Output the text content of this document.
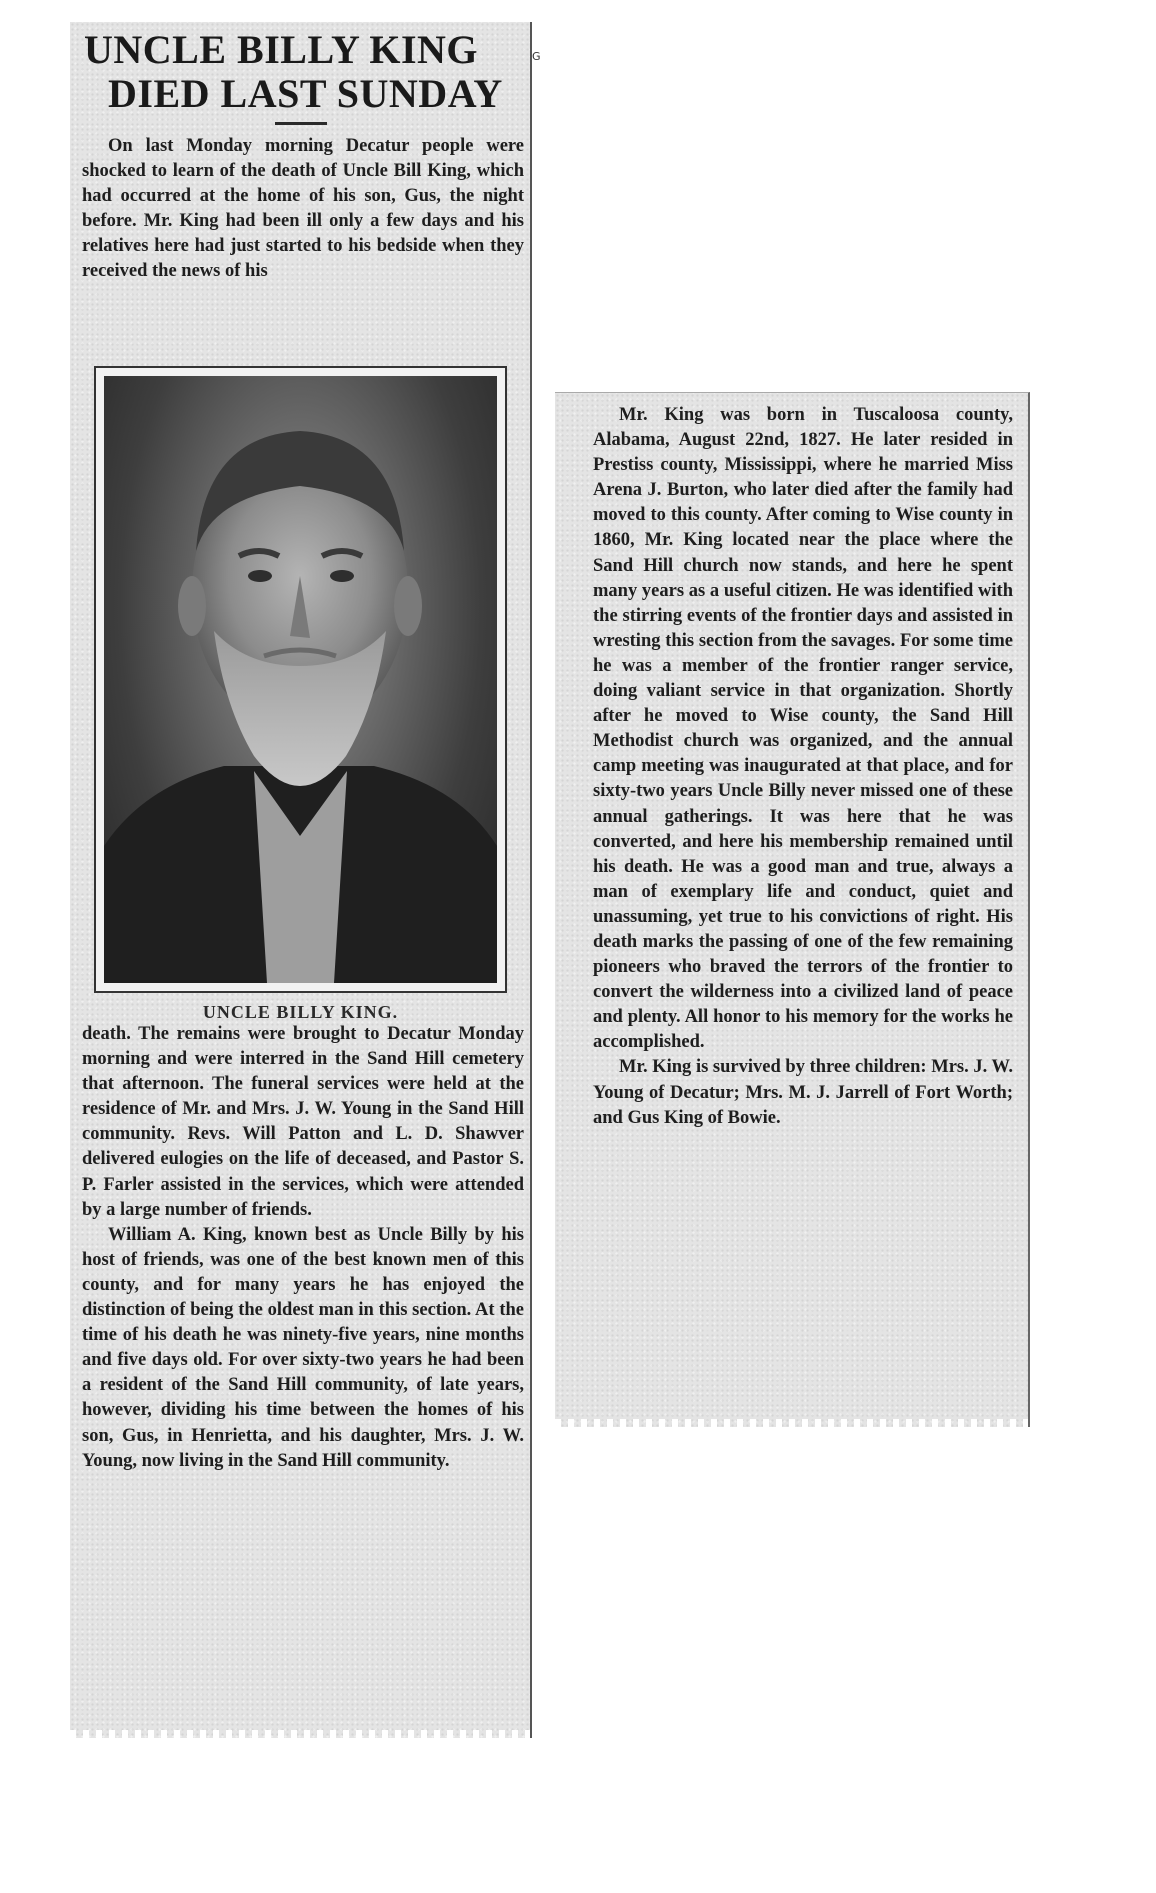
UNCLE BILLY KING
DIED LAST SUNDAY
G

On last Monday morning Decatur people were shocked to learn of the death of Uncle Bill King, which had occurred at the home of his son, Gus, the night before. Mr. King had been ill only a few days and his relatives here had just started to his bedside when they received the news of his

UNCLE BILLY KING.

death. The remains were brought to Decatur Monday morning and were interred in the Sand Hill cemetery that afternoon. The funeral services were held at the residence of Mr. and Mrs. J. W. Young in the Sand Hill community. Revs. Will Patton and L. D. Shawver delivered eulogies on the life of deceased, and Pastor S. P. Farler assisted in the services, which were attended by a large number of friends.

William A. King, known best as Uncle Billy by his host of friends, was one of the best known men of this county, and for many years he has enjoyed the distinction of being the oldest man in this section. At the time of his death he was ninety-five years, nine months and five days old. For over sixty-two years he had been a resident of the Sand Hill community, of late years, however, dividing his time between the homes of his son, Gus, in Henrietta, and his daughter, Mrs. J. W. Young, now living in the Sand Hill community.

Mr. King was born in Tuscaloosa county, Alabama, August 22nd, 1827. He later resided in Prestiss county, Mississippi, where he married Miss Arena J. Burton, who later died after the family had moved to this county. After coming to Wise county in 1860, Mr. King located near the place where the Sand Hill church now stands, and here he spent many years as a useful citizen. He was identified with the stirring events of the frontier days and assisted in wresting this section from the savages. For some time he was a member of the frontier ranger service, doing valiant service in that organization. Shortly after he moved to Wise county, the Sand Hill Methodist church was organized, and the annual camp meeting was inaugurated at that place, and for sixty-two years Uncle Billy never missed one of these annual gatherings. It was here that he was converted, and here his membership remained until his death. He was a good man and true, always a man of exemplary life and conduct, quiet and unassuming, yet true to his convictions of right. His death marks the passing of one of the few remaining pioneers who braved the terrors of the frontier to convert the wilderness into a civilized land of peace and plenty. All honor to his memory for the works he accomplished.

Mr. King is survived by three children: Mrs. J. W. Young of Decatur; Mrs. M. J. Jarrell of Fort Worth; and Gus King of Bowie.
